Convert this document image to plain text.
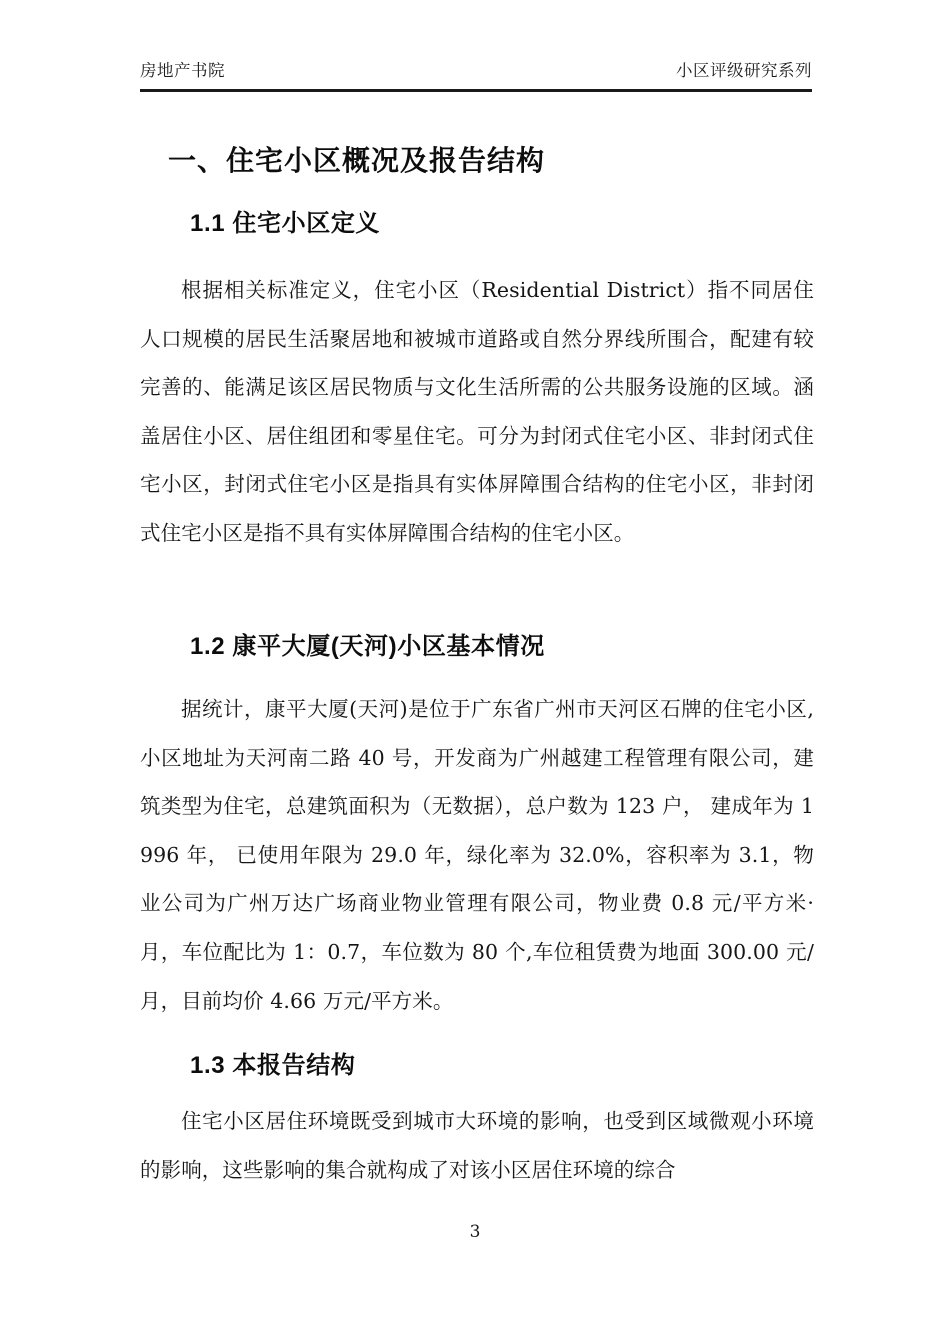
房地产书院	小区评级研究系列
一、住宅小区概况及报告结构
1.1 住宅小区定义

根据相关标准定义，住宅小区（Residential District）指不同居住人口规模的居民生活聚居地和被城市道路或自然分界线所围合，配建有较完善的、能满足该区居民物质与文化生活所需的公共服务设施的区域。涵盖居住小区、居住组团和零星住宅。可分为封闭式住宅小区、非封闭式住宅小区，封闭式住宅小区是指具有实体屏障围合结构的住宅小区，非封闭式住宅小区是指不具有实体屏障围合结构的住宅小区。

1.2 康平大厦(天河)小区基本情况

据统计，康平大厦(天河)是位于广东省广州市天河区石牌的住宅小区,小区地址为天河南二路 40 号，开发商为广州越建工程管理有限公司，建筑类型为住宅，总建筑面积为（无数据），总户数为 123 户， 建成年为 1996 年， 已使用年限为 29.0 年，绿化率为 32.0%，容积率为 3.1，物业公司为广州万达广场商业物业管理有限公司，物业费 0.8 元/平方米·月，车位配比为 1：0.7，车位数为 80 个,车位租赁费为地面 300.00 元/月，目前均价 4.66 万元/平方米。

1.3 本报告结构

住宅小区居住环境既受到城市大环境的影响，也受到区域微观小环境的影响，这些影响的集合就构成了对该小区居住环境的综合

3
